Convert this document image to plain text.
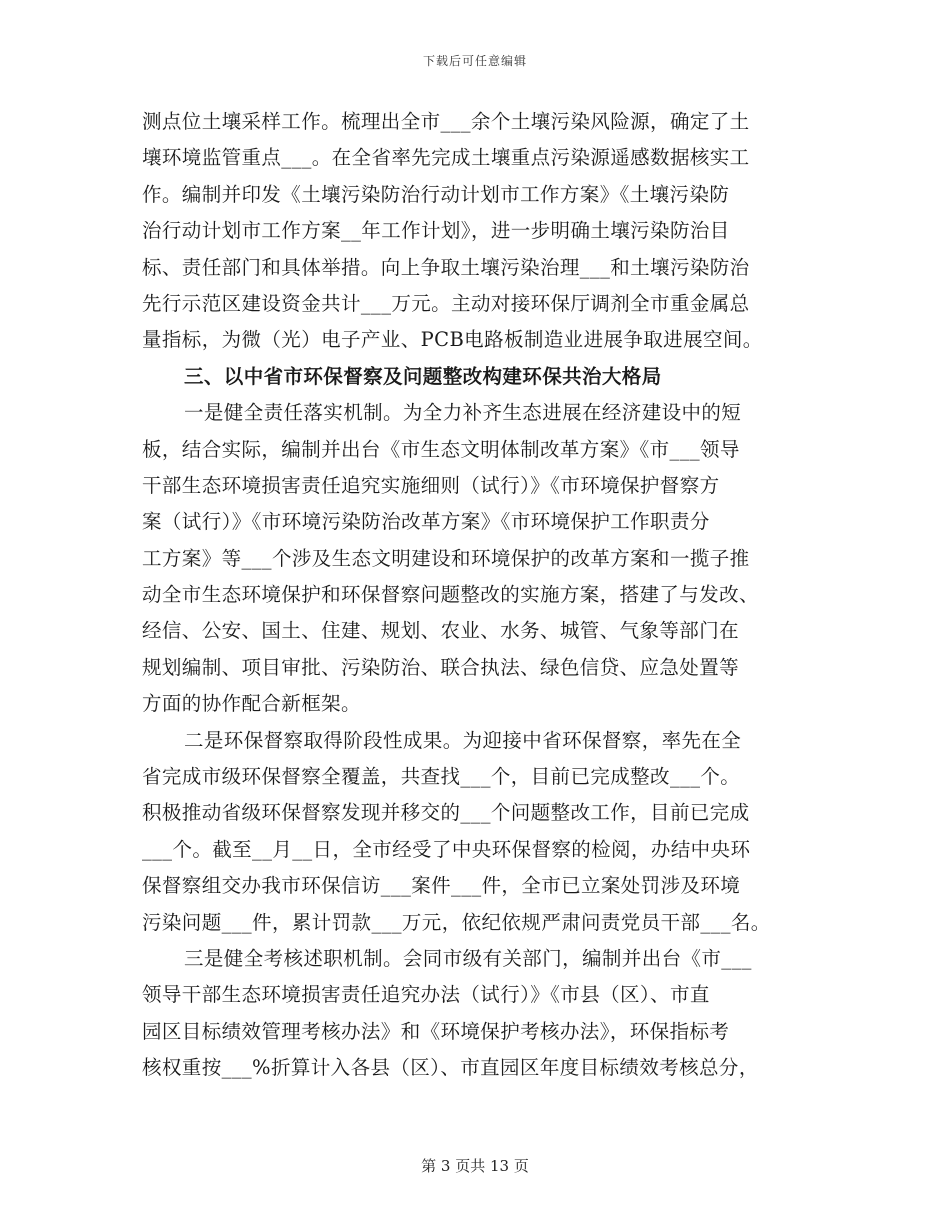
下载后可任意编辑
测点位土壤采样工作。梳理出全市___余个土壤污染风险源，确定了土
壤环境监管重点___。在全省率先完成土壤重点污染源遥感数据核实工
作。编制并印发《土壤污染防治行动计划市工作方案》《土壤污染防
治行动计划市工作方案__年工作计划》，进一步明确土壤污染防治目
标、责任部门和具体举措。向上争取土壤污染治理___和土壤污染防治
先行示范区建设资金共计___万元。主动对接环保厅调剂全市重金属总
量指标，为微（光）电子产业、PCB电路板制造业进展争取进展空间。
三、以中省市环保督察及问题整改构建环保共治大格局
一是健全责任落实机制。为全力补齐生态进展在经济建设中的短
板，结合实际，编制并出台《市生态文明体制改革方案》《市___领导
干部生态环境损害责任追究实施细则（试行）》《市环境保护督察方
案（试行）》《市环境污染防治改革方案》《市环境保护工作职责分
工方案》等___个涉及生态文明建设和环境保护的改革方案和一揽子推
动全市生态环境保护和环保督察问题整改的实施方案，搭建了与发改、
经信、公安、国土、住建、规划、农业、水务、城管、气象等部门在
规划编制、项目审批、污染防治、联合执法、绿色信贷、应急处置等
方面的协作配合新框架。
二是环保督察取得阶段性成果。为迎接中省环保督察，率先在全
省完成市级环保督察全覆盖，共查找___个，目前已完成整改___个。
积极推动省级环保督察发现并移交的___个问题整改工作，目前已完成
___个。截至__月__日，全市经受了中央环保督察的检阅，办结中央环
保督察组交办我市环保信访___案件___件，全市已立案处罚涉及环境
污染问题___件，累计罚款___万元，依纪依规严肃问责党员干部___名。
三是健全考核述职机制。会同市级有关部门，编制并出台《市___
领导干部生态环境损害责任追究办法（试行）》《市县（区）、市直
园区目标绩效管理考核办法》和《环境保护考核办法》，环保指标考
核权重按___%折算计入各县（区）、市直园区年度目标绩效考核总分，
第 3 页共 13 页
